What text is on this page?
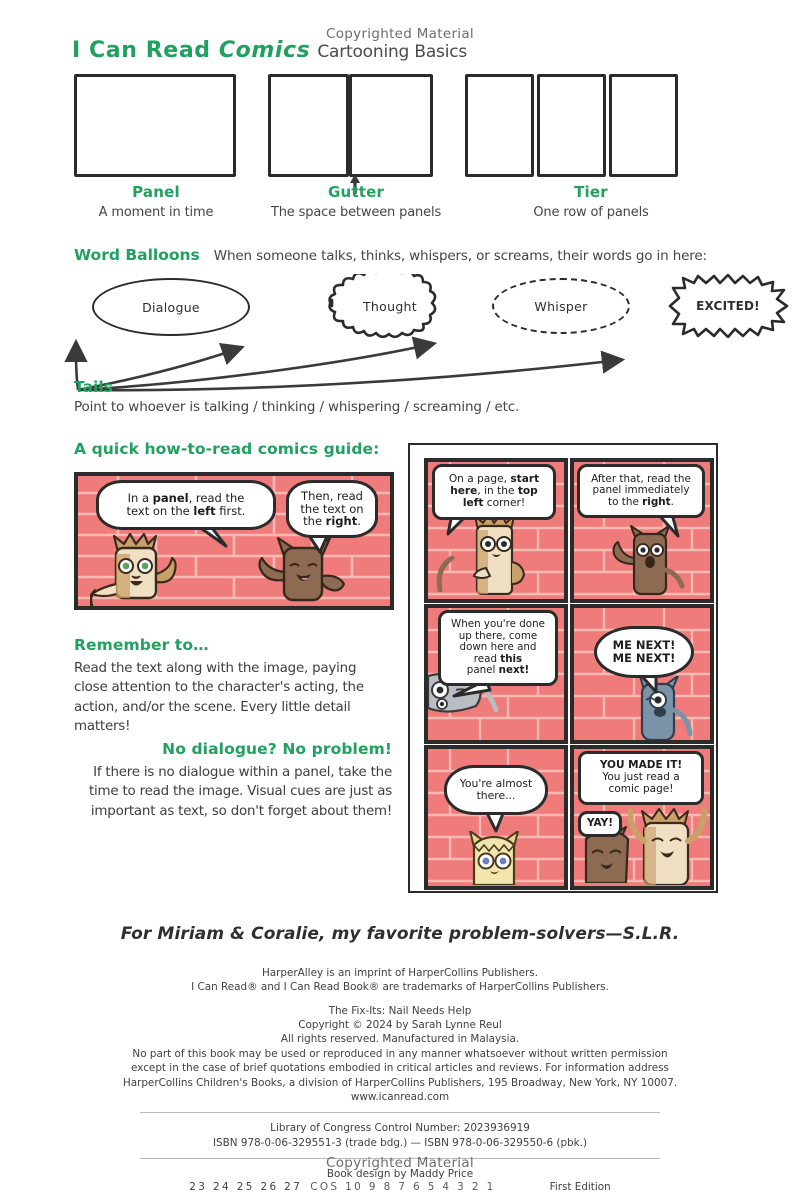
Copyrighted Material
I Can Read Comics Cartooning Basics
Panel
A moment in time
Gutter
The space between panels
Tier
One row of panels
Word Balloons When someone talks, thinks, whispers, or screams, their words go in here:
Dialogue	Thought	Whisper	EXCITED!
Tails
Point to whoever is talking / thinking / whispering / screaming / etc.
A quick how-to-read comics guide:
In a panel, read the
text on the left first.
Then, read
the text on
the right.
On a page, start
here, in the top
left corner!
After that, read the
panel immediately
to the right.
When you're done
up there, come
down here and
read this
panel next!
ME NEXT!
ME NEXT!
You're almost
there...
YOU MADE IT!
You just read a
comic page!
YAY!
Remember to…

Read the text along with the image, paying close attention to the character's acting, the action, and/or the scene. Every little detail matters!

No dialogue? No problem!

If there is no dialogue within a panel, take the time to read the image. Visual cues are just as important as text, so don't forget about them!

For Miriam & Coralie, my favorite problem-solvers—S.L.R.
HarperAlley is an imprint of HarperCollins Publishers.
I Can Read® and I Can Read Book® are trademarks of HarperCollins Publishers.
The Fix-Its: Nail Needs Help
Copyright © 2024 by Sarah Lynne Reul
All rights reserved. Manufactured in Malaysia.
No part of this book may be used or reproduced in any manner whatsoever without written permission
except in the case of brief quotations embodied in critical articles and reviews. For information address
HarperCollins Children's Books, a division of HarperCollins Publishers, 195 Broadway, New York, NY 10007.
www.icanread.com
Library of Congress Control Number: 2023936919
ISBN 978-0-06-329551-3 (trade bdg.) — ISBN 978-0-06-329550-6 (pbk.)
Book design by Maddy Price
23 24 25 26 27 COS 10 9 8 7 6 5 4 3 2 1	First Edition
Copyrighted Material
